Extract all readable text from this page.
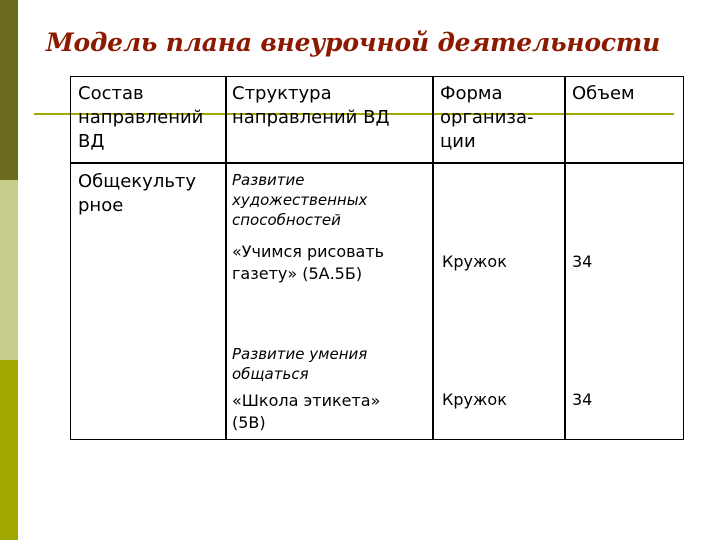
Модель плана внеурочной деятельности
Состав
направлений
ВД
Структура
направлений ВД
Форма
организа-
ции
Объем
Общекульту
рное
Развитие
художественных
способностей
«Учимся рисовать
газету» (5А.5Б)
Кружок	34
Развитие умения
общаться
«Школа этикета»
(5В)
Кружок	34
